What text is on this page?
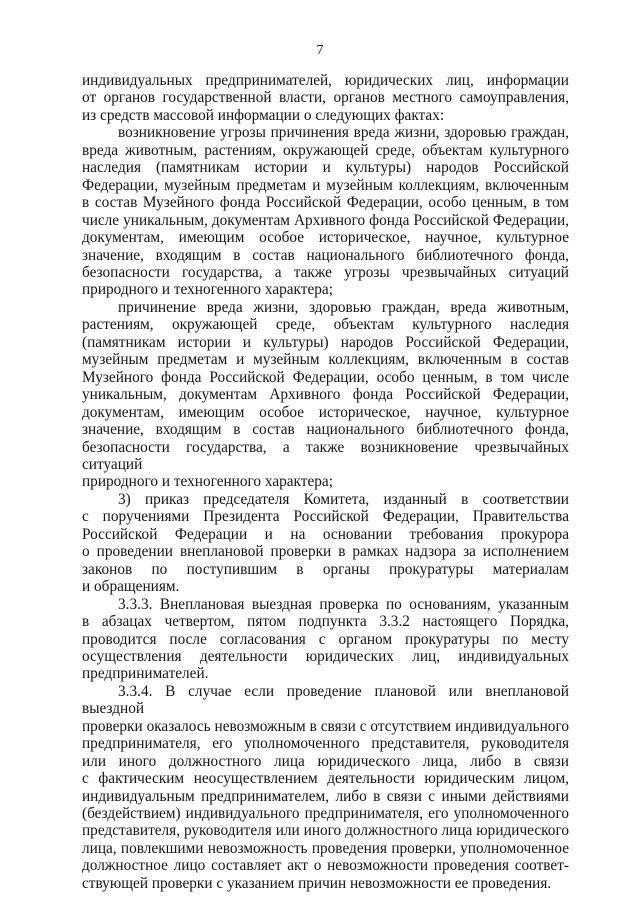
7

индивидуальных предпринимателей, юридических лиц, информации

от органов государственной власти, органов местного самоуправления,

из средств массовой информации о следующих фактах:

возникновение угрозы причинения вреда жизни, здоровью граждан,

вреда животным, растениям, окружающей среде, объектам культурного

наследия (памятникам истории и культуры) народов Российской

Федерации, музейным предметам и музейным коллекциям, включенным

в состав Музейного фонда Российской Федерации, особо ценным, в том

числе уникальным, документам Архивного фонда Российской Федерации,

документам, имеющим особое историческое, научное, культурное

значение, входящим в состав национального библиотечного фонда,

безопасности государства, а также угрозы чрезвычайных ситуаций

природного и техногенного характера;

причинение вреда жизни, здоровью граждан, вреда животным,

растениям, окружающей среде, объектам культурного наследия

(памятникам истории и культуры) народов Российской Федерации,

музейным предметам и музейным коллекциям, включенным в состав

Музейного фонда Российской Федерации, особо ценным, в том числе

уникальным, документам Архивного фонда Российской Федерации,

документам, имеющим особое историческое, научное, культурное

значение, входящим в состав национального библиотечного фонда,

безопасности государства, а также возникновение чрезвычайных ситуаций

природного и техногенного характера;

3) приказ председателя Комитета, изданный в соответствии

с поручениями Президента Российской Федерации, Правительства

Российской Федерации и на основании требования прокурора

о проведении внеплановой проверки в рамках надзора за исполнением

законов по поступившим в органы прокуратуры материалам

и обращениям.

3.3.3. Внеплановая выездная проверка по основаниям, указанным

в абзацах четвертом, пятом подпункта 3.3.2 настоящего Порядка,

проводится после согласования с органом прокуратуры по месту

осуществления деятельности юридических лиц, индивидуальных

предпринимателей.

3.3.4. В случае если проведение плановой или внеплановой выездной

проверки оказалось невозможным в связи с отсутствием индивидуального

предпринимателя, его уполномоченного представителя, руководителя

или иного должностного лица юридического лица, либо в связи

с фактическим неосуществлением деятельности юридическим лицом,

индивидуальным предпринимателем, либо в связи с иными действиями

(бездействием) индивидуального предпринимателя, его уполномоченного

представителя, руководителя или иного должностного лица юридического

лица, повлекшими невозможность проведения проверки, уполномоченное

должностное лицо составляет акт о невозможности проведения соответ-

ствующей проверки с указанием причин невозможности ее проведения.
